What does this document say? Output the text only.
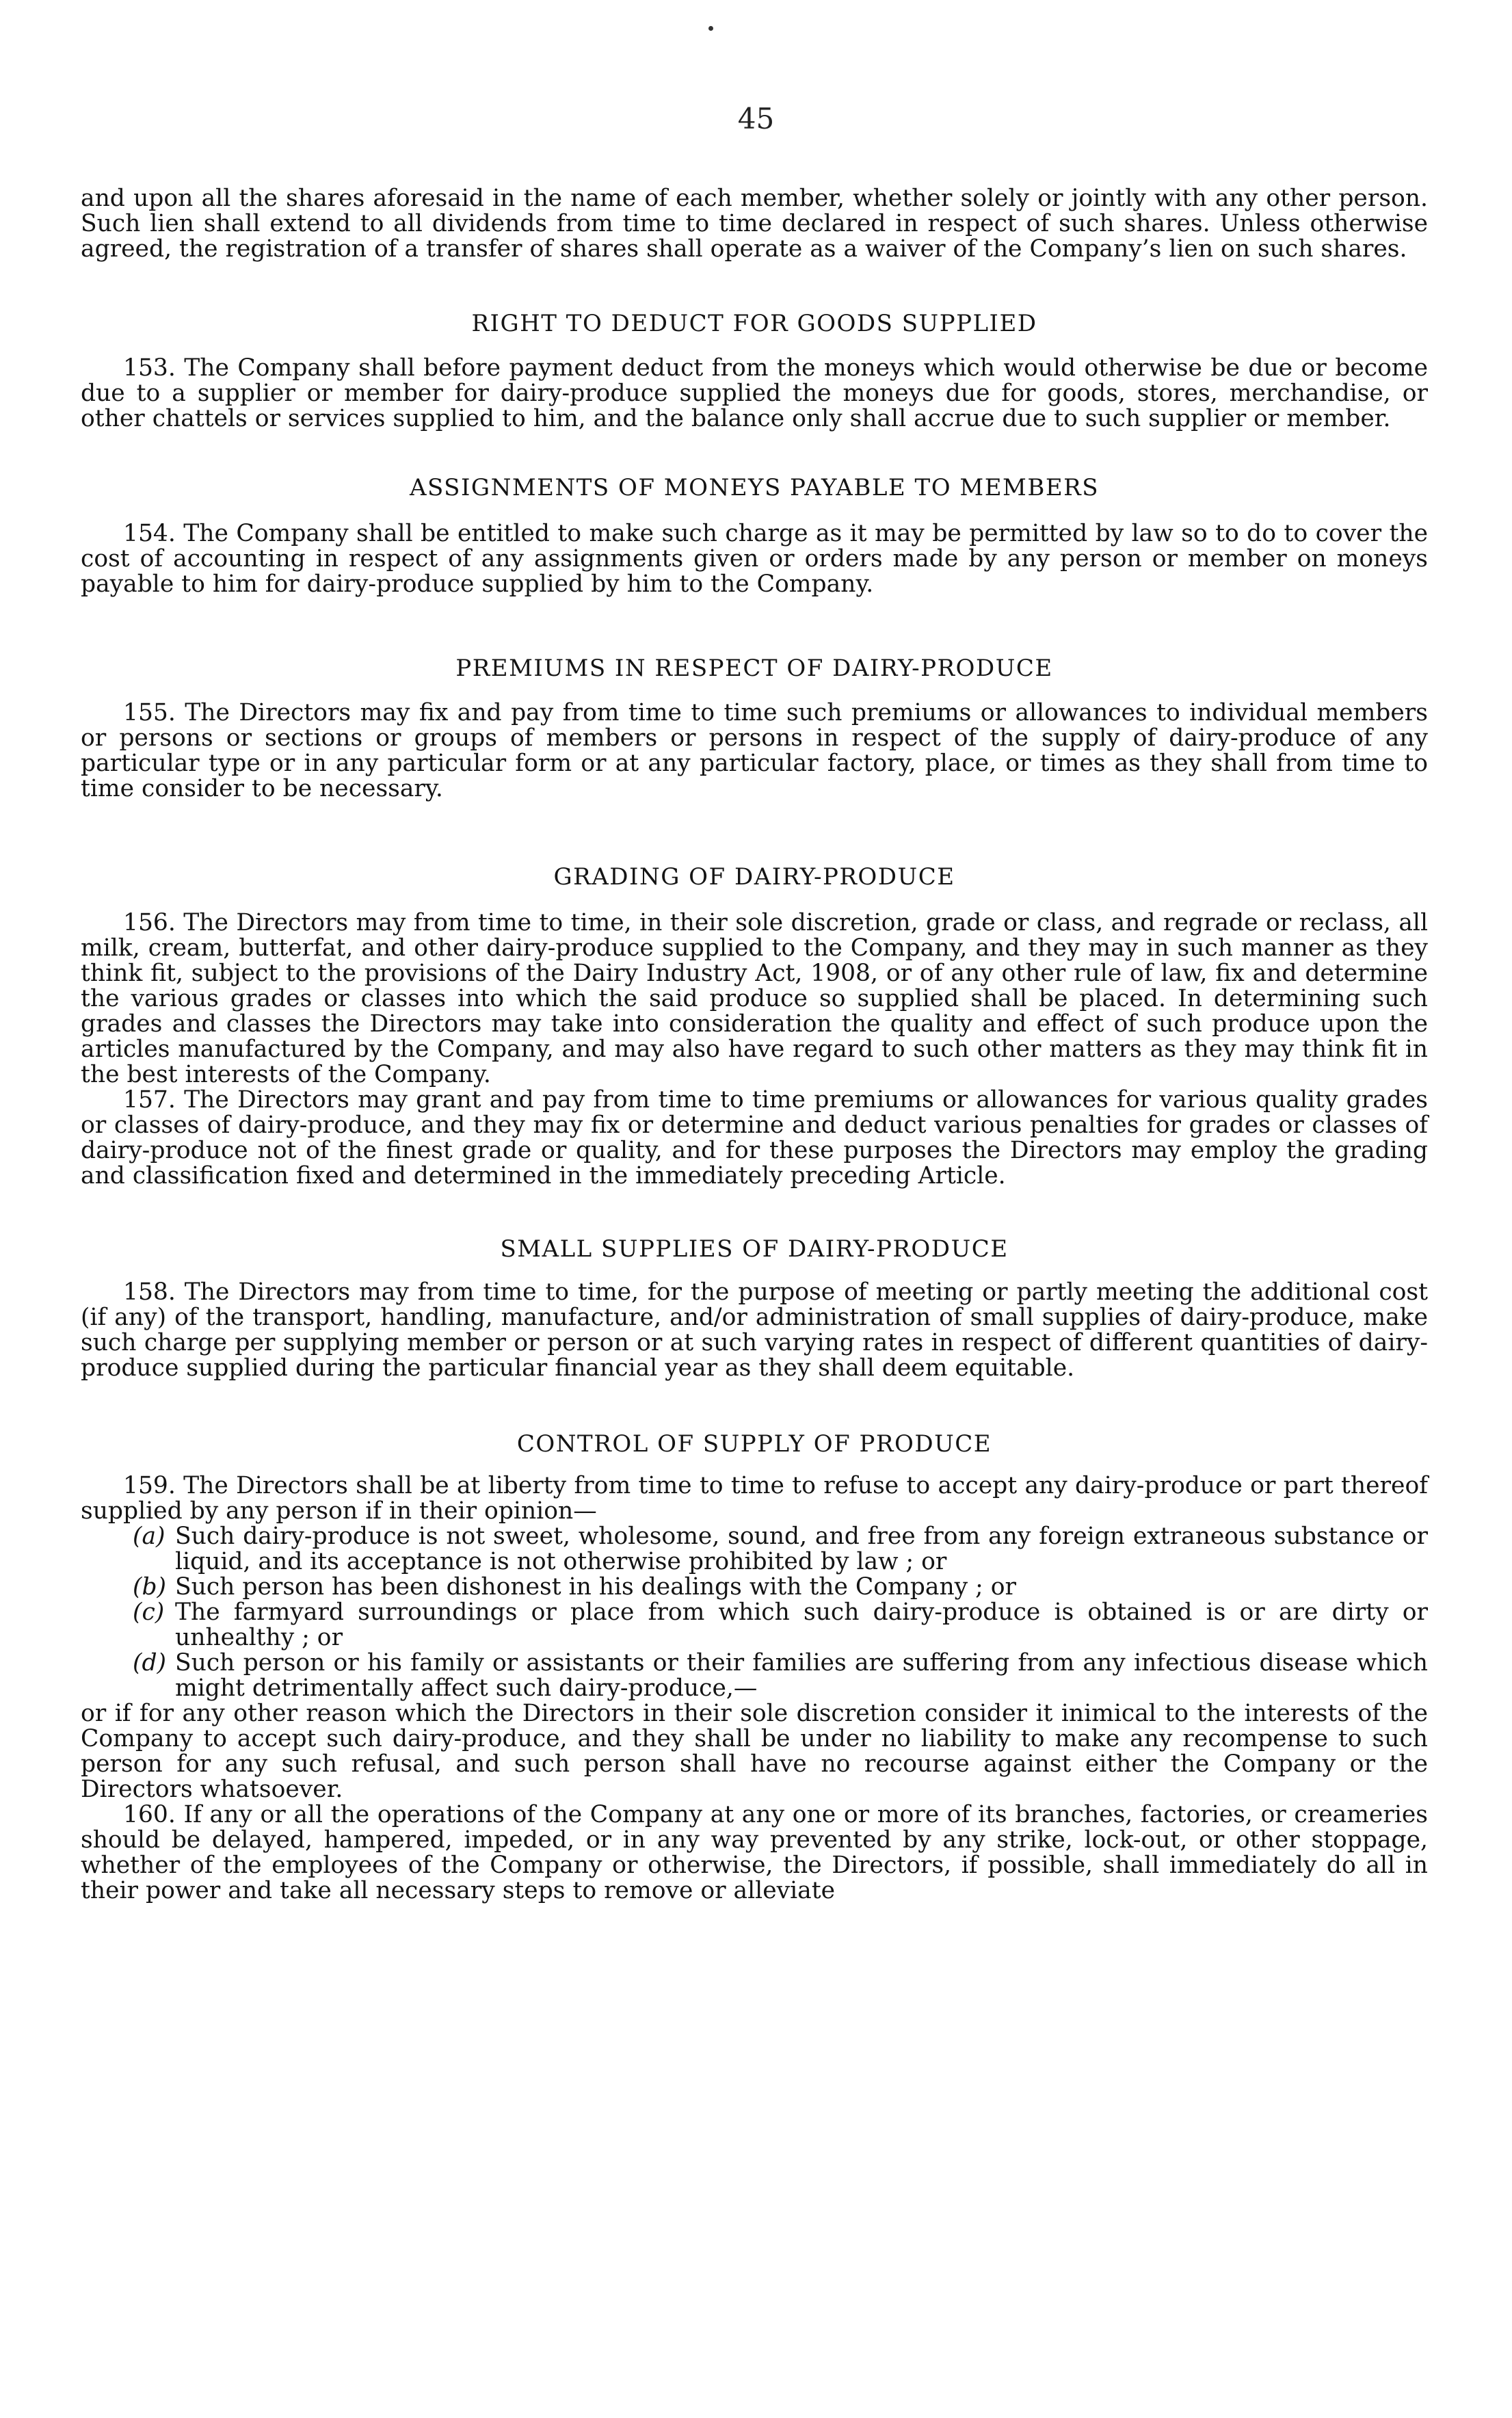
45

and upon all the shares aforesaid in the name of each member, whether solely or jointly with any other person. Such lien shall extend to all dividends from time to time declared in respect of such shares. Unless otherwise agreed, the registration of a transfer of shares shall operate as a waiver of the Company’s lien on such shares.

RIGHT TO DEDUCT FOR GOODS SUPPLIED

153. The Company shall before payment deduct from the moneys which would otherwise be due or become due to a supplier or member for dairy-produce supplied the moneys due for goods, stores, merchandise, or other chattels or services supplied to him, and the balance only shall accrue due to such supplier or member.

ASSIGNMENTS OF MONEYS PAYABLE TO MEMBERS

154. The Company shall be entitled to make such charge as it may be permitted by law so to do to cover the cost of accounting in respect of any assignments given or orders made by any person or member on moneys payable to him for dairy-produce supplied by him to the Company.

PREMIUMS IN RESPECT OF DAIRY-PRODUCE

155. The Directors may fix and pay from time to time such premiums or allowances to individual members or persons or sections or groups of members or persons in respect of the supply of dairy-produce of any particular type or in any particular form or at any particular factory, place, or times as they shall from time to time consider to be necessary.

GRADING OF DAIRY-PRODUCE

156. The Directors may from time to time, in their sole discretion, grade or class, and regrade or reclass, all milk, cream, butterfat, and other dairy-produce supplied to the Company, and they may in such manner as they think fit, subject to the provisions of the Dairy Industry Act, 1908, or of any other rule of law, fix and determine the various grades or classes into which the said produce so supplied shall be placed. In determining such grades and classes the Directors may take into consideration the quality and effect of such produce upon the articles manufactured by the Company, and may also have regard to such other matters as they may think fit in the best interests of the Company.

157. The Directors may grant and pay from time to time premiums or allowances for various quality grades or classes of dairy-produce, and they may fix or determine and deduct various penalties for grades or classes of dairy-produce not of the finest grade or quality, and for these purposes the Directors may employ the grading and classification fixed and determined in the immediately preceding Article.

SMALL SUPPLIES OF DAIRY-PRODUCE

158. The Directors may from time to time, for the purpose of meeting or partly meeting the additional cost (if any) of the transport, handling, manufacture, and/or administration of small supplies of dairy-produce, make such charge per supplying member or person or at such varying rates in respect of different quantities of dairy-produce supplied during the particular financial year as they shall deem equitable.

CONTROL OF SUPPLY OF PRODUCE

159. The Directors shall be at liberty from time to time to refuse to accept any dairy-produce or part thereof supplied by any person if in their opinion—

(a) Such dairy-produce is not sweet, wholesome, sound, and free from any foreign extraneous substance or liquid, and its acceptance is not otherwise prohibited by law ; or
(b) Such person has been dishonest in his dealings with the Company ; or
(c) The farmyard surroundings or place from which such dairy-produce is obtained is or are dirty or unhealthy ; or
(d) Such person or his family or assistants or their families are suffering from any infectious disease which might detrimentally affect such dairy-produce,—

or if for any other reason which the Directors in their sole discretion consider it inimical to the interests of the Company to accept such dairy-produce, and they shall be under no liability to make any recompense to such person for any such refusal, and such person shall have no recourse against either the Company or the Directors whatsoever.

160. If any or all the operations of the Company at any one or more of its branches, factories, or creameries should be delayed, hampered, impeded, or in any way prevented by any strike, lock-out, or other stoppage, whether of the employees of the Company or otherwise, the Directors, if possible, shall immediately do all in their power and take all necessary steps to remove or alleviate
